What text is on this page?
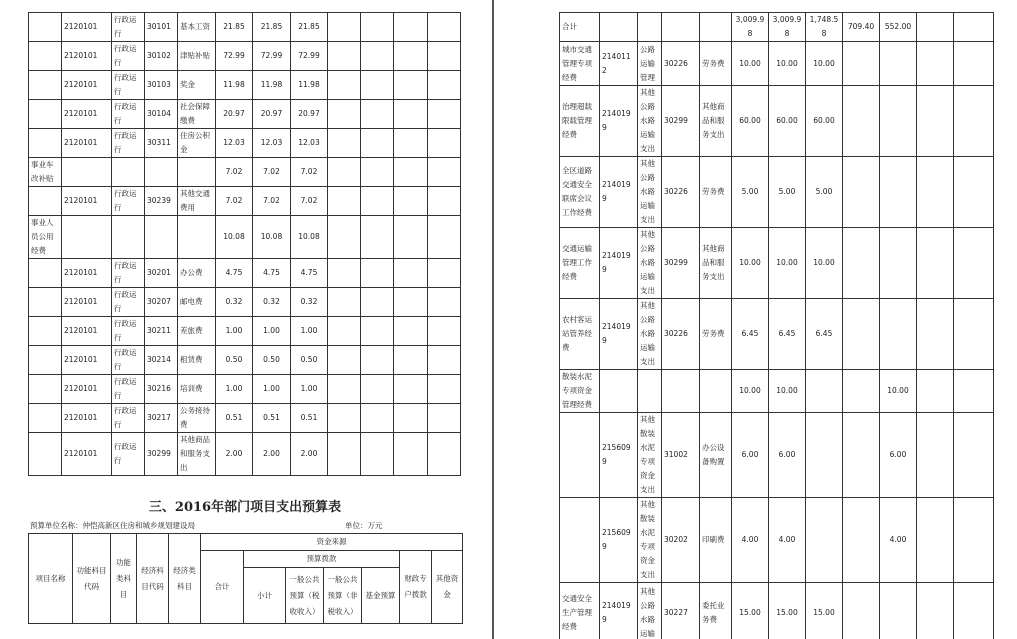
	2120101	行政运行	30101	基本工资	21.85	21.85	21.85				
	2120101	行政运行	30102	津贴补贴	72.99	72.99	72.99				
	2120101	行政运行	30103	奖金	11.98	11.98	11.98				
	2120101	行政运行	30104	社会保障缴费	20.97	20.97	20.97				
	2120101	行政运行	30311	住房公积金	12.03	12.03	12.03				
事业车改补贴					7.02	7.02	7.02				
	2120101	行政运行	30239	其他交通费用	7.02	7.02	7.02				
事业人员公用经费					10.08	10.08	10.08				
	2120101	行政运行	30201	办公费	4.75	4.75	4.75				
	2120101	行政运行	30207	邮电费	0.32	0.32	0.32				
	2120101	行政运行	30211	差旅费	1.00	1.00	1.00				
	2120101	行政运行	30214	租赁费	0.50	0.50	0.50				
	2120101	行政运行	30216	培训费	1.00	1.00	1.00				
	2120101	行政运行	30217	公务接待费	0.51	0.51	0.51				
	2120101	行政运行	30299	其他商品和服务支出	2.00	2.00	2.00				
三、2016年部门项目支出预算表
预算单位名称：仲恺高新区住房和城乡规划建设局	单位：万元
项目名称	功能科目代码	功能类科目	经济科目代码	经济类科目	资金来源						
					合计	预算拨款				财政专户拨款	其他资金
						小计	一般公共预算（税收收入）	一般公共预算（非税收入）	基金预算		
合计					3,009.98	3,009.98	1,748.58	709.40	552.00		
城市交通管理专项经费	2140112	公路运输管理	30226	劳务费	10.00	10.00	10.00				
治理超载限载管理经费	2140199	其他公路水路运输支出	30299	其他商品和服务支出	60.00	60.00	60.00				
全区道路交通安全联席会议工作经费	2140199	其他公路水路运输支出	30226	劳务费	5.00	5.00	5.00				
交通运输管理工作经费	2140199	其他公路水路运输支出	30299	其他商品和服务支出	10.00	10.00	10.00				
农村客运站管养经费	2140199	其他公路水路运输支出	30226	劳务费	6.45	6.45	6.45				
散装水泥专项资金管理经费					10.00	10.00			10.00		
	2156099	其他散装水泥专项资金支出	31002	办公设备购置	6.00	6.00			6.00		
	2156099	其他散装水泥专项资金支出	30202	印刷费	4.00	4.00			4.00		
交通安全生产管理经费	2140199	其他公路水路运输	30227	委托业务费	15.00	15.00	15.00				
